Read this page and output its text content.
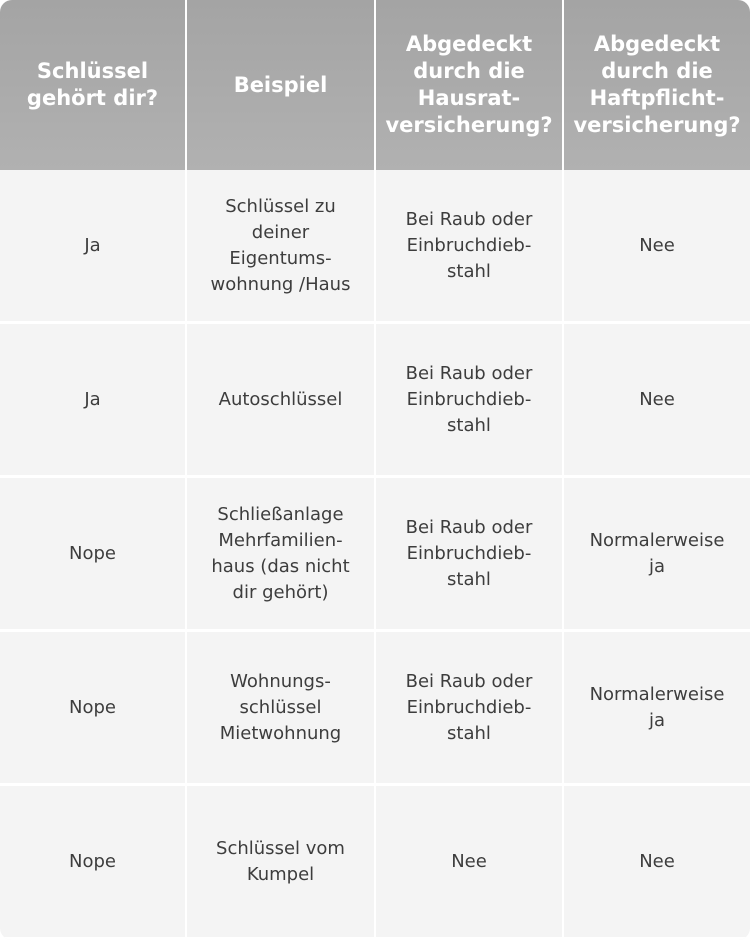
Schlüssel
gehört dir?
Beispiel
Abgedeckt
durch die
Hausrat-
versicherung?
Abgedeckt
durch die
Haftpflicht-
versicherung?
Ja
Schlüssel zu
deiner
Eigentums-
wohnung /Haus
Bei Raub oder
Einbruchdieb-
stahl
Nee
Ja	Autoschlüssel
Bei Raub oder
Einbruchdieb-
stahl
Nee
Nope
Schließanlage
Mehrfamilien-
haus (das nicht
dir gehört)
Bei Raub oder
Einbruchdieb-
stahl
Normalerweise
ja
Nope
Wohnungs-
schlüssel
Mietwohnung
Bei Raub oder
Einbruchdieb-
stahl
Normalerweise
ja
Nope
Schlüssel vom
Kumpel
Nee	Nee
